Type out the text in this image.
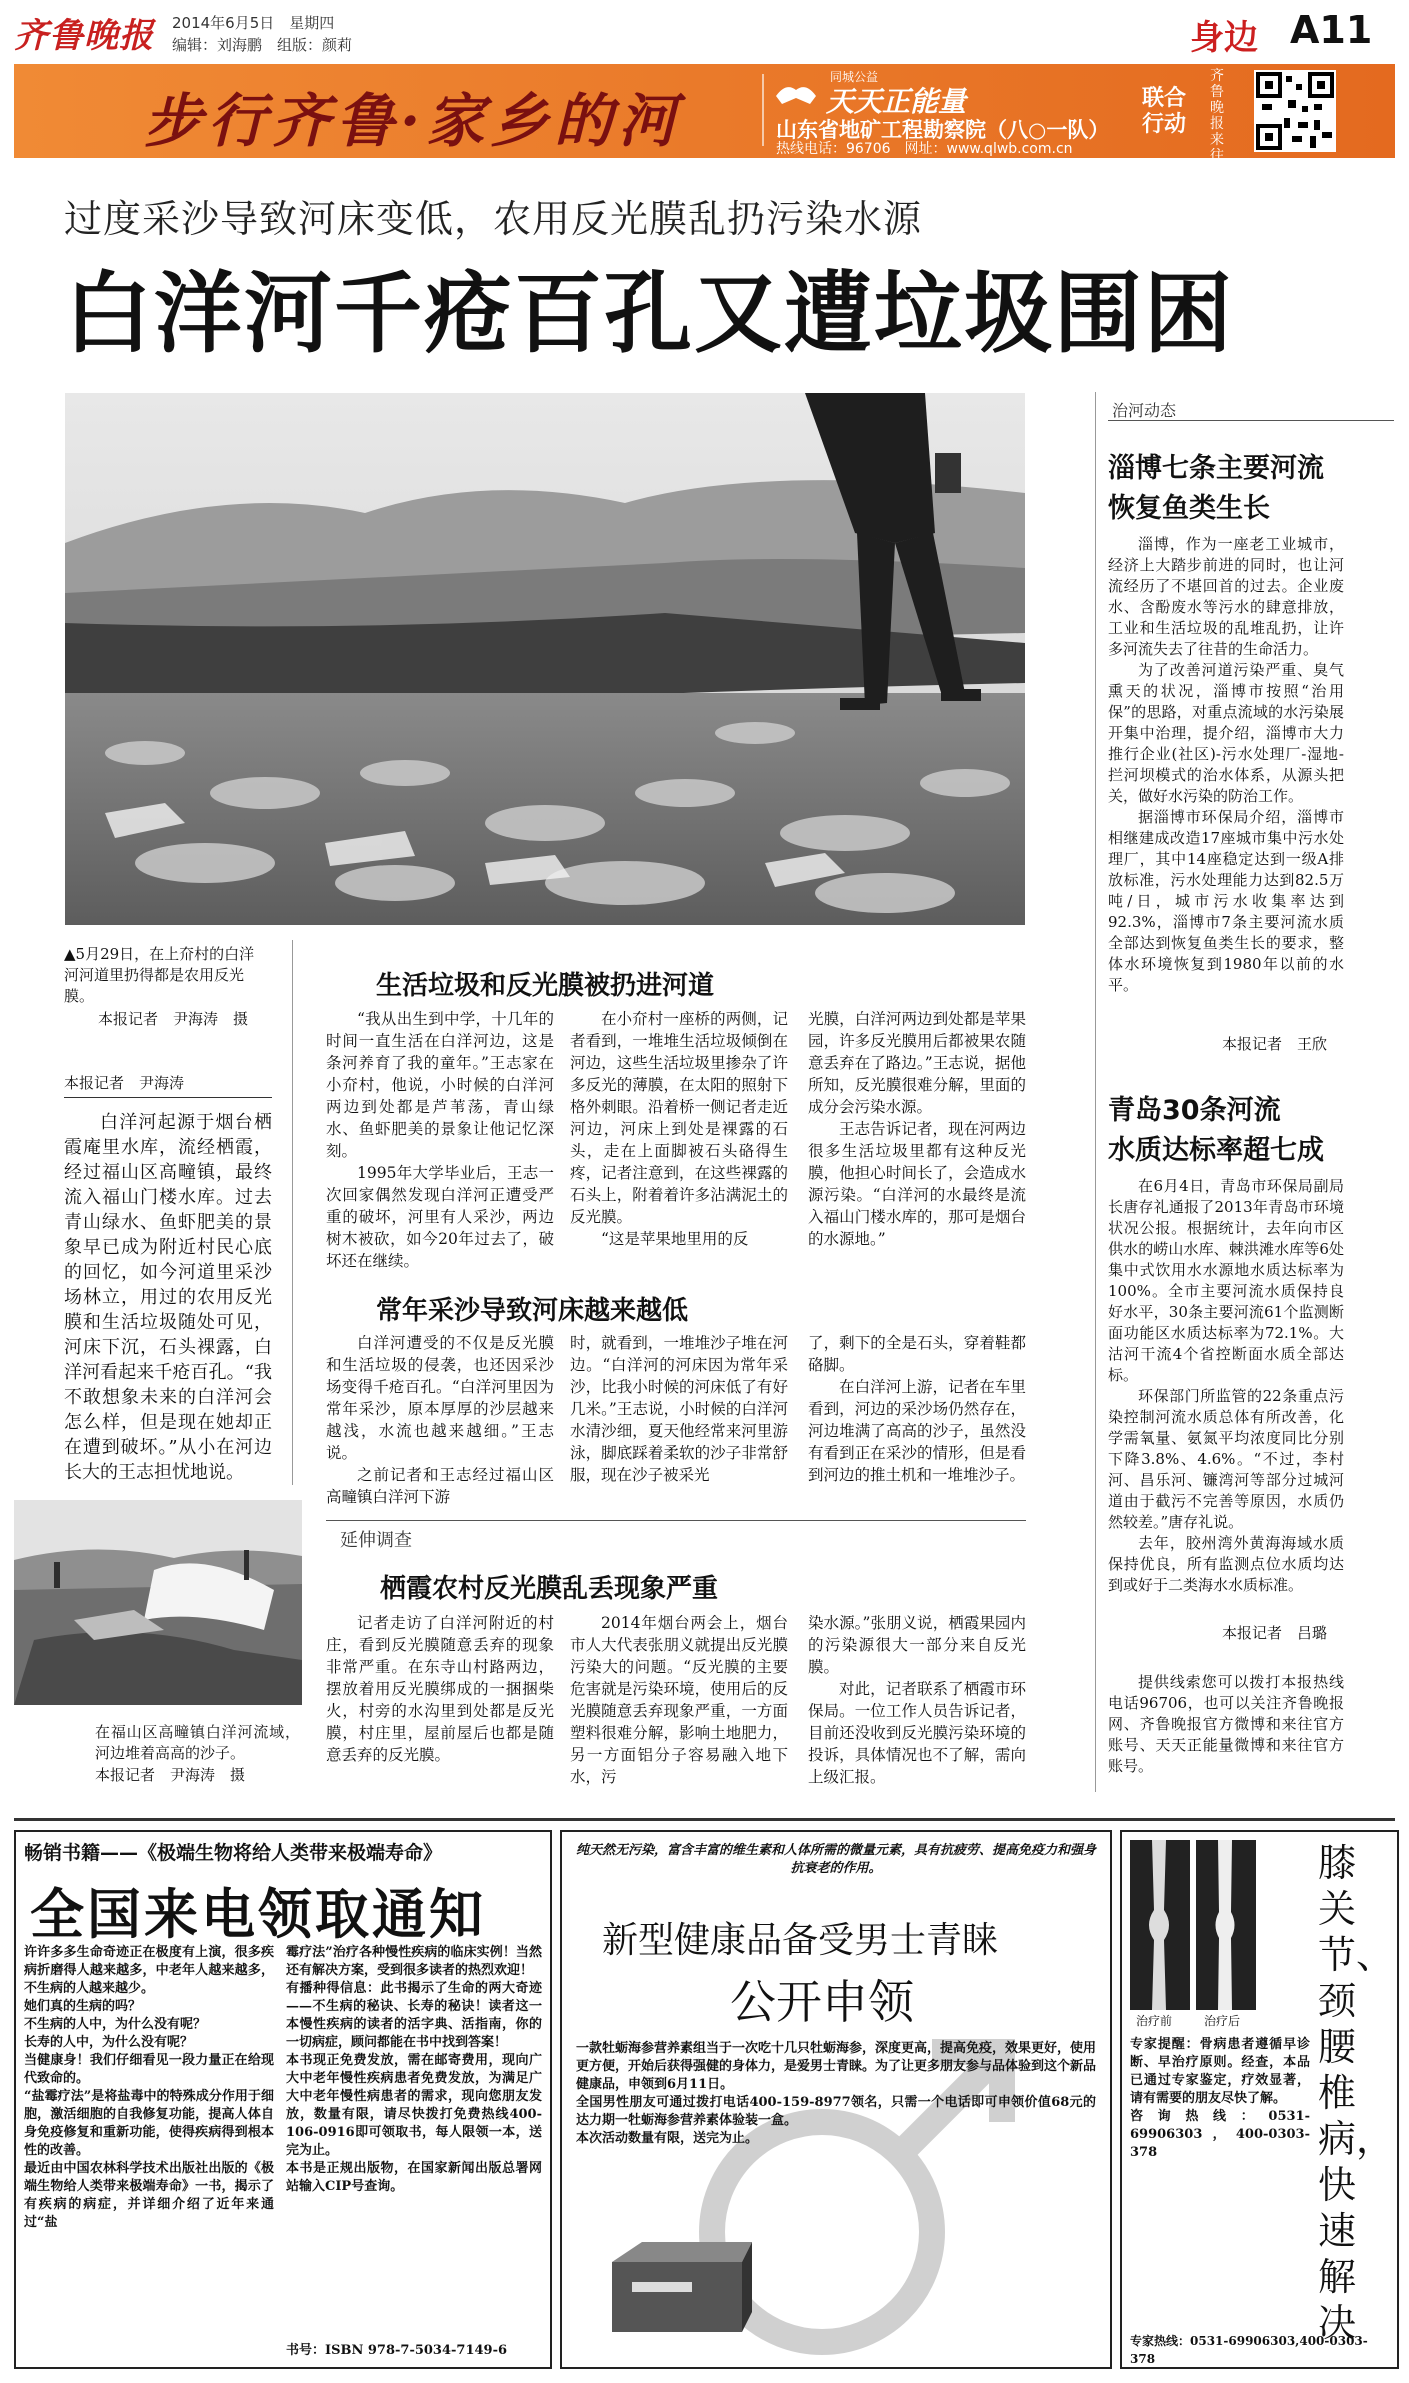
齐鲁晚报 2014年6月5日　星期四
编辑：刘海鹏　组版：颜莉	身边 A11
步行齐鲁·家乡的河
同城公益
天天正能量
山东省地矿工程勘察院（八○一队）
热线电话：96706　网址：www.qlwb.com.cn
联合行动
齐鲁晚报来往
过度采沙导致河床变低，农用反光膜乱扔污染水源
白洋河千疮百孔又遭垃圾围困
▲5月29日，在上夼村的白洋河河道里扔得都是农用反光膜。
本报记者　尹海涛　摄
本报记者　尹海涛

白洋河起源于烟台栖霞庵里水库，流经栖霞，经过福山区高疃镇，最终流入福山门楼水库。过去青山绿水、鱼虾肥美的景象早已成为附近村民心底的回忆，如今河道里采沙场林立，用过的农用反光膜和生活垃圾随处可见，河床下沉，石头裸露，白洋河看起来千疮百孔。“我不敢想象未来的白洋河会怎么样，但是现在她却正在遭到破坏。”从小在河边长大的王志担忧地说。

在福山区高疃镇白洋河流域，河边堆着高高的沙子。
本报记者　尹海涛　摄
生活垃圾和反光膜被扔进河道

“我从出生到中学，十几年的时间一直生活在白洋河边，这是条河养育了我的童年。”王志家在小夼村，他说，小时候的白洋河两边到处都是芦苇荡，青山绿水、鱼虾肥美的景象让他记忆深刻。

1995年大学毕业后，王志一次回家偶然发现白洋河正遭受严重的破坏，河里有人采沙，两边树木被砍，如今20年过去了，破坏还在继续。

在小夼村一座桥的两侧，记者看到，一堆堆生活垃圾倾倒在河边，这些生活垃圾里掺杂了许多反光的薄膜，在太阳的照射下格外刺眼。沿着桥一侧记者走近河边，河床上到处是裸露的石头，走在上面脚被石头硌得生疼，记者注意到，在这些裸露的石头上，附着着许多沾满泥土的反光膜。

“这是苹果地里用的反

光膜，白洋河两边到处都是苹果园，许多反光膜用后都被果农随意丢弃在了路边。”王志说，据他所知，反光膜很难分解，里面的成分会污染水源。

王志告诉记者，现在河两边很多生活垃圾里都有这种反光膜，他担心时间长了，会造成水源污染。“白洋河的水最终是流入福山门楼水库的，那可是烟台的水源地。”

常年采沙导致河床越来越低

白洋河遭受的不仅是反光膜和生活垃圾的侵袭，也还因采沙场变得千疮百孔。“白洋河里因为常年采沙，原本厚厚的沙层越来越浅，水流也越来越细。”王志说。

之前记者和王志经过福山区高疃镇白洋河下游

时，就看到，一堆堆沙子堆在河边。“白洋河的河床因为常年采沙，比我小时候的河床低了有好几米。”王志说，小时候的白洋河水清沙细，夏天他经常来河里游泳，脚底踩着柔软的沙子非常舒服，现在沙子被采光

了，剩下的全是石头，穿着鞋都硌脚。

在白洋河上游，记者在车里看到，河边的采沙场仍然存在，河边堆满了高高的沙子，虽然没有看到正在采沙的情形，但是看到河边的推土机和一堆堆沙子。

延伸调查
栖霞农村反光膜乱丢现象严重

记者走访了白洋河附近的村庄，看到反光膜随意丢弃的现象非常严重。在东寺山村路两边，摆放着用反光膜绑成的一捆捆柴火，村旁的水沟里到处都是反光膜，村庄里，屋前屋后也都是随意丢弃的反光膜。

2014年烟台两会上，烟台市人大代表张朋义就提出反光膜污染大的问题。“反光膜的主要危害就是污染环境，使用后的反光膜随意丢弃现象严重，一方面塑料很难分解，影响土地肥力，另一方面铝分子容易融入地下水，污

染水源。”张朋义说，栖霞果园内的污染源很大一部分来自反光膜。

对此，记者联系了栖霞市环保局。一位工作人员告诉记者，目前还没收到反光膜污染环境的投诉，具体情况也不了解，需向上级汇报。

治河动态
淄博七条主要河流
恢复鱼类生长

淄博，作为一座老工业城市，经济上大踏步前进的同时，也让河流经历了不堪回首的过去。企业废水、含酚废水等污水的肆意排放，工业和生活垃圾的乱堆乱扔，让许多河流失去了往昔的生命活力。

为了改善河道污染严重、臭气熏天的状况，淄博市按照“治用保”的思路，对重点流域的水污染展开集中治理，提介绍，淄博市大力推行企业(社区)-污水处理厂-湿地-拦河坝模式的治水体系，从源头把关，做好水污染的防治工作。

据淄博市环保局介绍，淄博市相继建成改造17座城市集中污水处理厂，其中14座稳定达到一级A排放标准，污水处理能力达到82.5万吨/日，城市污水收集率达到92.3%，淄博市7条主要河流水质全部达到恢复鱼类生长的要求，整体水环境恢复到1980年以前的水平。

本报记者　王欣
青岛30条河流
水质达标率超七成

在6月4日，青岛市环保局副局长唐存礼通报了2013年青岛市环境状况公报。根据统计，去年向市区供水的崂山水库、棘洪滩水库等6处集中式饮用水水源地水质达标率为100%。全市主要河流水质保持良好水平，30条主要河流61个监测断面功能区水质达标率为72.1%。大沽河干流4个省控断面水质全部达标。

环保部门所监管的22条重点污染控制河流水质总体有所改善，化学需氧量、氨氮平均浓度同比分别下降3.8%、4.6%。“不过，李村河、昌乐河、镰湾河等部分过城河道由于截污不完善等原因，水质仍然较差。”唐存礼说。

去年，胶州湾外黄海海域水质保持优良，所有监测点位水质均达到或好于二类海水水质标准。

本报记者　吕璐

提供线索您可以拨打本报热线电话96706，也可以关注齐鲁晚报网、齐鲁晚报官方微博和来往官方账号、天天正能量微博和来往官方账号。

畅销书籍——《极端生物将给人类带来极端寿命》
全国来电领取通知
许许多多生命奇迹正在极度有上演，很多疾病折磨得人越来越多，中老年人越来越多，不生病的人越来越少。
她们真的生病的吗？
不生病的人中，为什么没有呢？
长寿的人中，为什么没有呢？
当健康身！我们仔细看见一段力量正在给现代致命的。
“盐霉疗法”是将盐毒中的特殊成分作用于细胞，激活细胞的自我修复功能，提高人体自身免疫修复和重新功能，使得疾病得到根本性的改善。
最近由中国农林科学技术出版社出版的《极端生物给人类带来极端寿命》一书，揭示了有疾病的病症，并详细介绍了近年来通过“盐
霉疗法”治疗各种慢性疾病的临床实例！当然还有解决方案，受到很多读者的热烈欢迎！
有播种得信息：此书揭示了生命的两大奇迹——不生病的秘诀、长寿的秘诀！读者这一本慢性疾病的读者的活字典、活指南，你的一切病症，顾问都能在书中找到答案！
本书现正免费发放，需在邮寄费用，现向广大中老年慢性疾病患者免费发放，为满足广大中老年慢性病患者的需求，现向您朋友发放，数量有限，请尽快拨打免费热线400-106-0916即可领取书，每人限领一本，送完为止。
本书是正规出版物，在国家新闻出版总署网站输入CIP号查询。
书号：ISBN 978-7-5034-7149-6
纯天然无污染，富含丰富的维生素和人体所需的微量元素，具有抗疲劳、提高免疫力和强身抗衰老的作用。
新型健康品备受男士青睐
公开申领
一款牡蛎海参营养素组当于一次吃十几只牡蛎海参，深度更高，提高免疫，效果更好，使用更方便，开始后获得强健的身体力，是爱男士青睐。为了让更多朋友参与品体验到这个新品健康品，申领到6月11日。
全国男性朋友可通过拨打电话400-159-8977领名，只需一个电话即可申领价值68元的达力期一牡蛎海参营养素体验装一盒。
本次活动数量有限，送完为止。
治疗前	治疗后
膝关节、颈腰椎病，快速解决
专家提醒：骨病患者遵循早诊断、早治疗原则。经查，本品已通过专家鉴定，疗效显著，请有需要的朋友尽快了解。
咨询热线：0531-69906303，400-0303-378
专家热线：0531-69906303,400-0303-378
